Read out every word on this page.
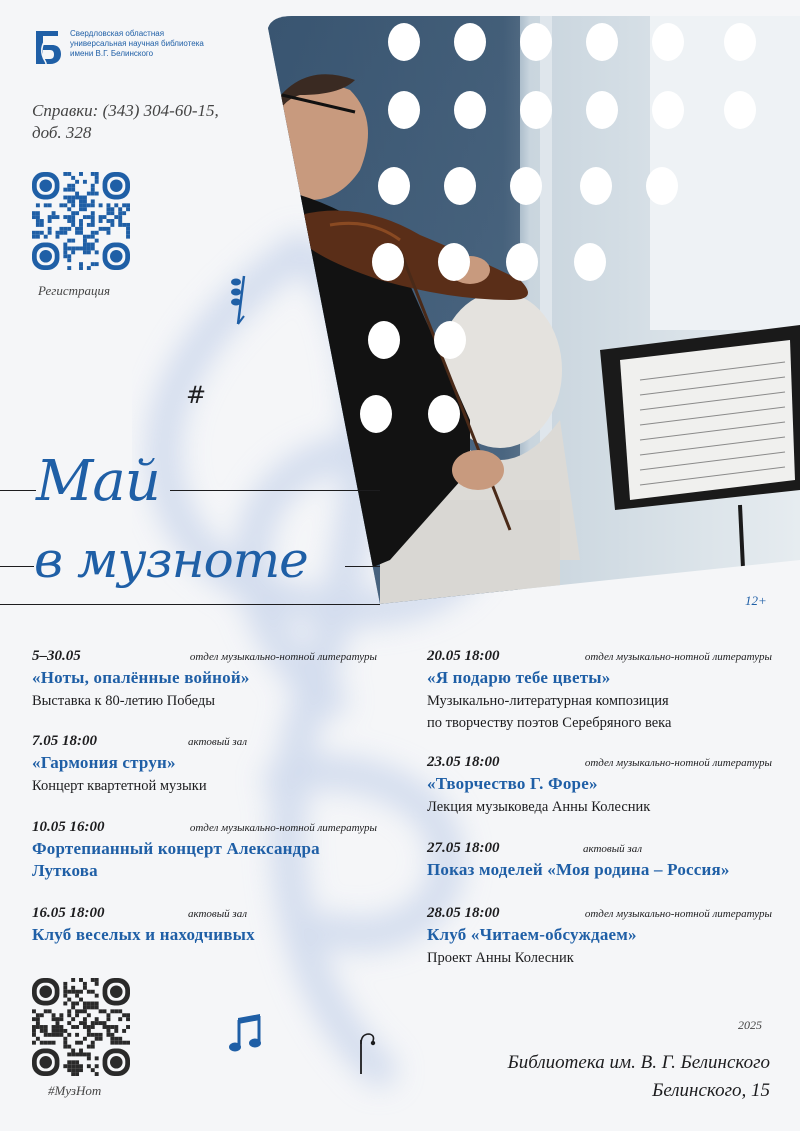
Свердловская областная
универсальная научная библиотека
имени В.Г. Белинского
Справки: (343) 304-60-15,
доб. 328
Регистрация
#
Май
в музноте
12+
5–30.05	отдел музыкально-нотной литературы
«Ноты, опалённые войной»
Выставка к 80-летию Победы
7.05 18:00	актовый зал
«Гармония струн»
Концерт квартетной музыки
10.05 16:00	отдел музыкально-нотной литературы
Фортепианный концерт Александра Луткова
16.05 18:00	актовый зал
Клуб веселых и находчивых
20.05 18:00	отдел музыкально-нотной литературы
«Я подарю тебе цветы»
Музыкально-литературная композиция
по творчеству поэтов Серебряного века
23.05 18:00	отдел музыкально-нотной литературы
«Творчество Г. Форе»
Лекция музыковеда Анны Колесник
27.05 18:00	актовый зал
Показ моделей «Моя родина – Россия»
28.05 18:00	отдел музыкально-нотной литературы
Клуб «Читаем-обсуждаем»
Проект Анны Колесник
#МузНот
2025
Библиотека им. В. Г. Белинского
Белинского, 15
